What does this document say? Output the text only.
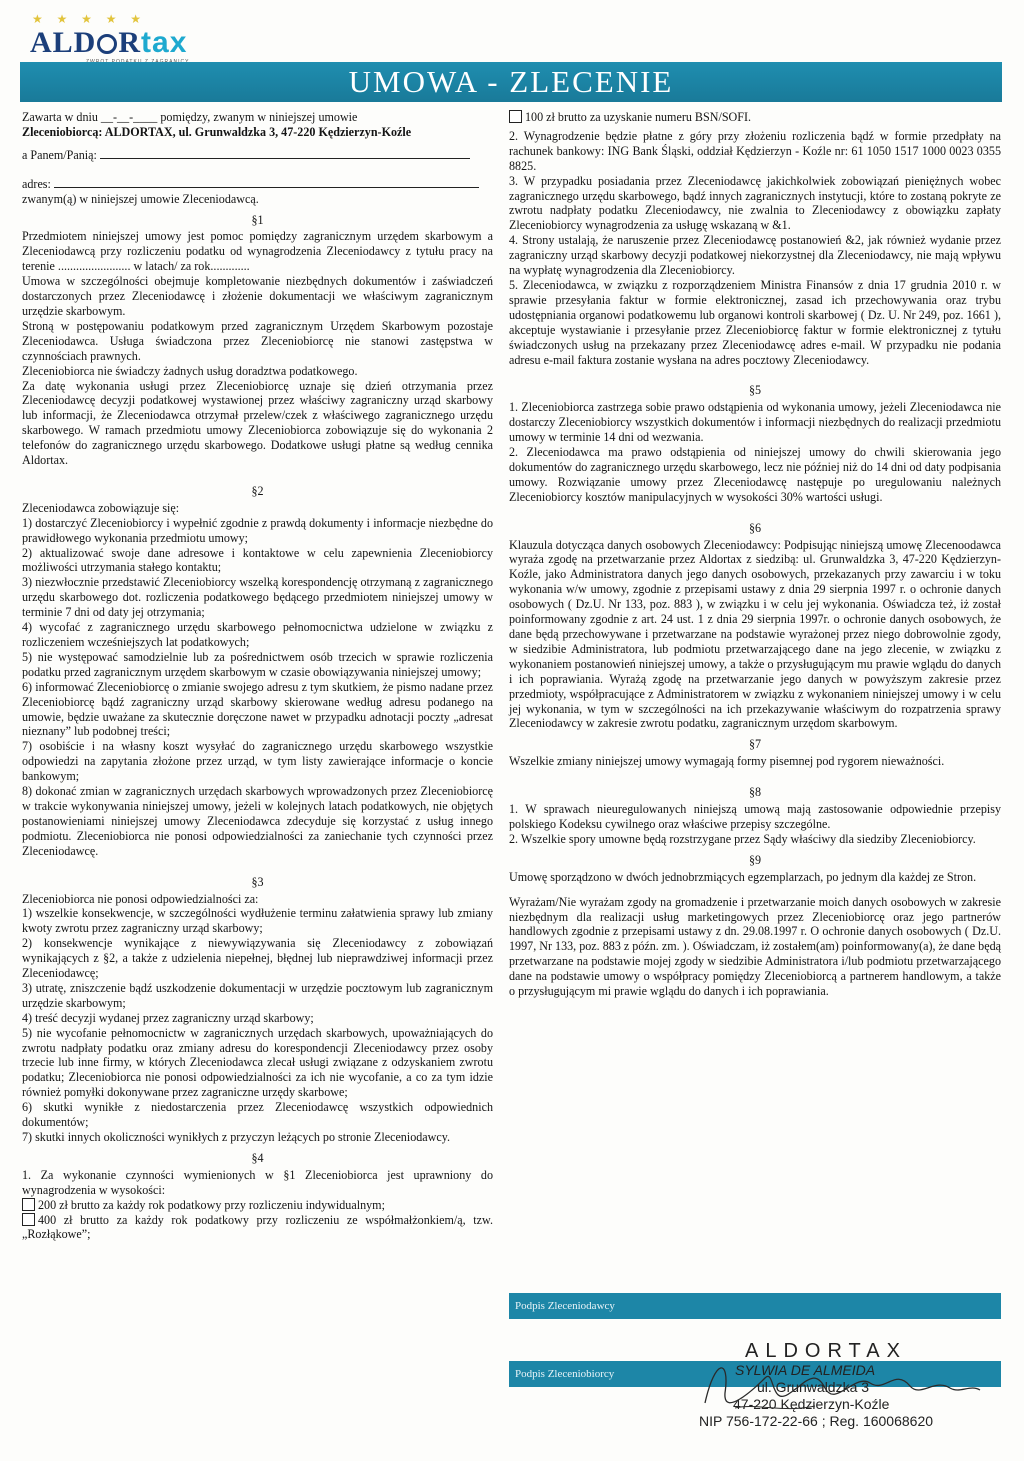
★ ★ ★ ★ ★
ALD Rtax
UMOWA - ZLECENIE

Zawarta w dniu __-__-____ pomiędzy, zwanym w niniejszej umowie

Zleceniobiorcą: ALDORTAX, ul. Grunwaldzka 3, 47-220 Kędzierzyn-Koźle

a Panem/Panią:

adres:

zwanym(ą) w niniejszej umowie Zleceniodawcą.

§1

Przedmiotem niniejszej umowy jest pomoc pomiędzy zagranicznym urzędem skarbowym a Zleceniodawcą przy rozliczeniu podatku od wynagrodzenia Zleceniodawcy z tytułu pracy na terenie ........................ w latach/ za rok.............

Umowa w szczególności obejmuje kompletowanie niezbędnych dokumentów i zaświadczeń dostarczonych przez Zleceniodawcę i złożenie dokumentacji we właściwym zagranicznym urzędzie skarbowym.

Stroną w postępowaniu podatkowym przed zagranicznym Urzędem Skarbowym pozostaje Zleceniodawca. Usługa świadczona przez Zleceniobiorcę nie stanowi zastępstwa w czynnościach prawnych.

Zleceniobiorca nie świadczy żadnych usług doradztwa podatkowego.

Za datę wykonania usługi przez Zleceniobiorcę uznaje się dzień otrzymania przez Zleceniodawcę decyzji podatkowej wystawionej przez właściwy zagraniczny urząd skarbowy lub informacji, że Zleceniodawca otrzymał przelew/czek z właściwego zagranicznego urzędu skarbowego. W ramach przedmiotu umowy Zleceniobiorca zobowiązuje się do wykonania 2 telefonów do zagranicznego urzędu skarbowego. Dodatkowe usługi płatne są według cennika Aldortax.

§2

Zleceniodawca zobowiązuje się:

1) dostarczyć Zleceniobiorcy i wypełnić zgodnie z prawdą dokumenty i informacje niezbędne do prawidłowego wykonania przedmiotu umowy;

2) aktualizować swoje dane adresowe i kontaktowe w celu zapewnienia Zleceniobiorcy możliwości utrzymania stałego kontaktu;

3) niezwłocznie przedstawić Zleceniobiorcy wszelką korespondencję otrzymaną z zagranicznego urzędu skarbowego dot. rozliczenia podatkowego będącego przedmiotem niniejszej umowy w terminie 7 dni od daty jej otrzymania;

4) wycofać z zagranicznego urzędu skarbowego pełnomocnictwa udzielone w związku z rozliczeniem wcześniejszych lat podatkowych;

5) nie występować samodzielnie lub za pośrednictwem osób trzecich w sprawie rozliczenia podatku przed zagranicznym urzędem skarbowym w czasie obowiązywania niniejszej umowy;

6) informować Zleceniobiorcę o zmianie swojego adresu z tym skutkiem, że pismo nadane przez Zleceniobiorcę bądź zagraniczny urząd skarbowy skierowane według adresu podanego na umowie, będzie uważane za skutecznie doręczone nawet w przypadku adnotacji poczty „adresat nieznany” lub podobnej treści;

7) osobiście i na własny koszt wysyłać do zagranicznego urzędu skarbowego wszystkie odpowiedzi na zapytania złożone przez urząd, w tym listy zawierające informacje o koncie bankowym;

8) dokonać zmian w zagranicznych urzędach skarbowych wprowadzonych przez Zleceniobiorcę w trakcie wykonywania niniejszej umowy, jeżeli w kolejnych latach podatkowych, nie objętych postanowieniami niniejszej umowy Zleceniodawca zdecyduje się korzystać z usług innego podmiotu. Zleceniobiorca nie ponosi odpowiedzialności za zaniechanie tych czynności przez Zleceniodawcę.

§3

Zleceniobiorca nie ponosi odpowiedzialności za:

1) wszelkie konsekwencje, w szczególności wydłużenie terminu załatwienia sprawy lub zmiany kwoty zwrotu przez zagraniczny urząd skarbowy;

2) konsekwencje wynikające z niewywiązywania się Zleceniodawcy z zobowiązań wynikających z §2, a także z udzielenia niepełnej, błędnej lub nieprawdziwej informacji przez Zleceniodawcę;

3) utratę, zniszczenie bądź uszkodzenie dokumentacji w urzędzie pocztowym lub zagranicznym urzędzie skarbowym;

4) treść decyzji wydanej przez zagraniczny urząd skarbowy;

5) nie wycofanie pełnomocnictw w zagranicznych urzędach skarbowych, upoważniających do zwrotu nadpłaty podatku oraz zmiany adresu do korespondencji Zleceniodawcy przez osoby trzecie lub inne firmy, w których Zleceniodawca zlecał usługi związane z odzyskaniem zwrotu podatku; Zleceniobiorca nie ponosi odpowiedzialności za ich nie wycofanie, a co za tym idzie również pomyłki dokonywane przez zagraniczne urzędy skarbowe;

6) skutki wynikłe z niedostarczenia przez Zleceniodawcę wszystkich odpowiednich dokumentów;

7) skutki innych okoliczności wynikłych z przyczyn leżących po stronie Zleceniodawcy.

§4

1. Za wykonanie czynności wymienionych w §1 Zleceniobiorca jest uprawniony do wynagrodzenia w wysokości:

200 zł brutto za każdy rok podatkowy przy rozliczeniu indywidualnym;

400 zł brutto za każdy rok podatkowy przy rozliczeniu ze współmałżonkiem/ą, tzw. „Rozłąkowe”;

100 zł brutto za uzyskanie numeru BSN/SOFI.

2. Wynagrodzenie będzie płatne z góry przy złożeniu rozliczenia bądź w formie przedpłaty na rachunek bankowy: ING Bank Śląski, oddział Kędzierzyn - Koźle nr: 61 1050 1517 1000 0023 0355 8825.

3. W przypadku posiadania przez Zleceniodawcę jakichkolwiek zobowiązań pieniężnych wobec zagranicznego urzędu skarbowego, bądź innych zagranicznych instytucji, które to zostaną pokryte ze zwrotu nadpłaty podatku Zleceniodawcy, nie zwalnia to Zleceniodawcy z obowiązku zapłaty Zleceniobiorcy wynagrodzenia za usługę wskazaną w &1.

4. Strony ustalają, że naruszenie przez Zleceniodawcę postanowień &2, jak również wydanie przez zagraniczny urząd skarbowy decyzji podatkowej niekorzystnej dla Zleceniodawcy, nie mają wpływu na wypłatę wynagrodzenia dla Zleceniobiorcy.

5. Zleceniodawca, w związku z rozporządzeniem Ministra Finansów z dnia 17 grudnia 2010 r. w sprawie przesyłania faktur w formie elektronicznej, zasad ich przechowywania oraz trybu udostępniania organowi podatkowemu lub organowi kontroli skarbowej ( Dz. U. Nr 249, poz. 1661 ), akceptuje wystawianie i przesyłanie przez Zleceniobiorcę faktur w formie elektronicznej z tytułu świadczonych usług na przekazany przez Zleceniodawcę adres e-mail. W przypadku nie podania adresu e-mail faktura zostanie wysłana na adres pocztowy Zleceniodawcy.

§5

1. Zleceniobiorca zastrzega sobie prawo odstąpienia od wykonania umowy, jeżeli Zleceniodawca nie dostarczy Zleceniobiorcy wszystkich dokumentów i informacji niezbędnych do realizacji przedmiotu umowy w terminie 14 dni od wezwania.

2. Zleceniodawca ma prawo odstąpienia od niniejszej umowy do chwili skierowania jego dokumentów do zagranicznego urzędu skarbowego, lecz nie później niż do 14 dni od daty podpisania umowy. Rozwiązanie umowy przez Zleceniodawcę następuje po uregulowaniu należnych Zleceniobiorcy kosztów manipulacyjnych w wysokości 30% wartości usługi.

§6

Klauzula dotycząca danych osobowych Zleceniodawcy: Podpisując niniejszą umowę Zlecenoodawca wyraża zgodę na przetwarzanie przez Aldortax z siedzibą: ul. Grunwaldzka 3, 47-220 Kędzierzyn-Koźle, jako Administratora danych jego danych osobowych, przekazanych przy zawarciu i w toku wykonania w/w umowy, zgodnie z przepisami ustawy z dnia 29 sierpnia 1997 r. o ochronie danych osobowych ( Dz.U. Nr 133, poz. 883 ), w związku i w celu jej wykonania. Oświadcza też, iż został poinformowany zgodnie z art. 24 ust. 1 z dnia 29 sierpnia 1997r. o ochronie danych osobowych, że dane będą przechowywane i przetwarzane na podstawie wyrażonej przez niego dobrowolnie zgody, w siedzibie Administratora, lub podmiotu przetwarzającego dane na jego zlecenie, w związku z wykonaniem postanowień niniejszej umowy, a także o przysługującym mu prawie wglądu do danych i ich poprawiania. Wyrażą zgodę na przetwarzanie jego danych w powyższym zakresie przez przedmioty, współpracujące z Administratorem w związku z wykonaniem niniejszej umowy i w celu jej wykonania, w tym w szczególności na ich przekazywanie właściwym do rozpatrzenia sprawy Zleceniodawcy w zakresie zwrotu podatku, zagranicznym urzędom skarbowym.

§7

Wszelkie zmiany niniejszej umowy wymagają formy pisemnej pod rygorem nieważności.

§8

1. W sprawach nieuregulowanych niniejszą umową mają zastosowanie odpowiednie przepisy polskiego Kodeksu cywilnego oraz właściwe przepisy szczególne.

2. Wszelkie spory umowne będą rozstrzygane przez Sądy właściwy dla siedziby Zleceniobiorcy.

§9

Umowę sporządzono w dwóch jednobrzmiących egzemplarzach, po jednym dla każdej ze Stron.

Wyrażam/Nie wyrażam zgody na gromadzenie i przetwarzanie moich danych osobowych w zakresie niezbędnym dla realizacji usług marketingowych przez Zleceniobiorcę oraz jego partnerów handlowych zgodnie z przepisami ustawy z dn. 29.08.1997 r. O ochronie danych osobowych ( Dz.U. 1997, Nr 133, poz. 883 z późn. zm. ). Oświadczam, iż zostałem(am) poinformowany(a), że dane będą przetwarzane na podstawie mojej zgody w siedzibie Administratora i/lub podmiotu przetwarzającego dane na podstawie umowy o współpracy pomiędzy Zleceniobiorcą a partnerem handlowym, a także o przysługującym mi prawie wglądu do danych i ich poprawiania.

Podpis Zleceniodawcy
Podpis Zleceniobiorcy
ALDORTAX
SYLWIA DE ALMEIDA
ul. Grunwaldzka 3
47-220 Kędzierzyn-Koźle
NIP 756-172-22-66 ; Reg. 160068620
